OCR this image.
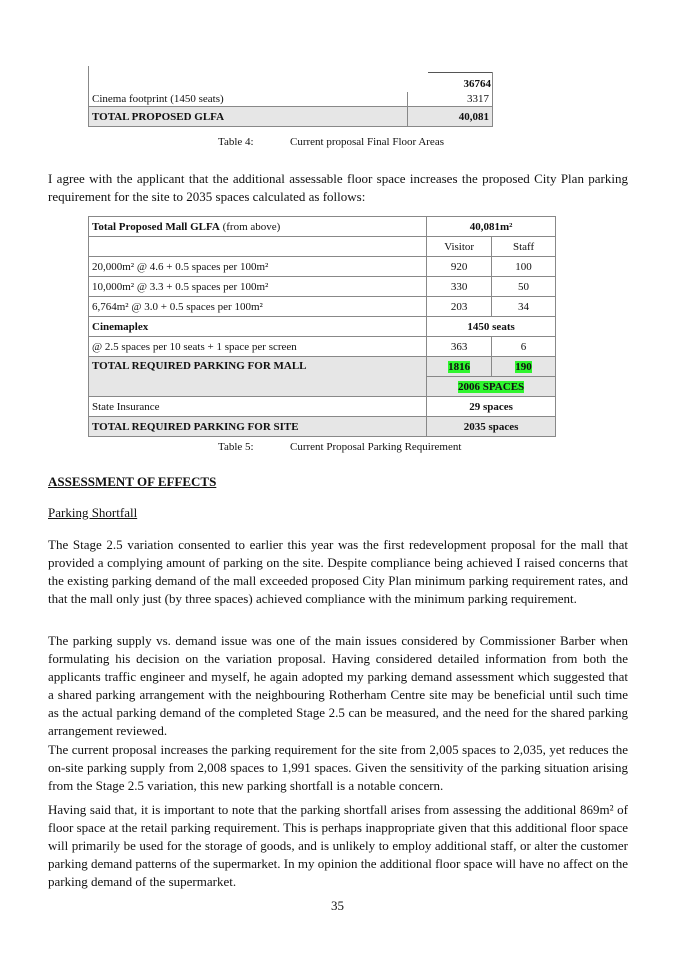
36764
Cinema footprint (1450 seats)	3317
TOTAL PROPOSED GLFA	40,081
Table 4:	Current proposal Final Floor Areas

I agree with the applicant that the additional assessable floor space increases the proposed City Plan parking requirement for the site to 2035 spaces calculated as follows:

Total Proposed Mall GLFA (from above)	40,081m²	
	Visitor	Staff
20,000m² @ 4.6 + 0.5 spaces per 100m²	920	100
10,000m² @ 3.3 + 0.5 spaces per 100m²	330	50
6,764m² @ 3.0 + 0.5 spaces per 100m²	203	34
Cinemaplex	1450 seats	
@ 2.5 spaces per 10 seats + 1 space per screen	363	6
TOTAL REQUIRED PARKING FOR MALL	1816	190
	2006 SPACES	
State Insurance	29 spaces	
TOTAL REQUIRED PARKING FOR SITE	2035 spaces	
Table 5:	Current Proposal Parking Requirement
ASSESSMENT OF EFFECTS
Parking Shortfall

The Stage 2.5 variation consented to earlier this year was the first redevelopment proposal for the mall that provided a complying amount of parking on the site. Despite compliance being achieved I raised concerns that the existing parking demand of the mall exceeded proposed City Plan minimum parking requirement rates, and that the mall only just (by three spaces) achieved compliance with the minimum parking requirement.

The parking supply vs. demand issue was one of the main issues considered by Commissioner Barber when formulating his decision on the variation proposal. Having considered detailed information from both the applicants traffic engineer and myself, he again adopted my parking demand assessment which suggested that a shared parking arrangement with the neighbouring Rotherham Centre site may be beneficial until such time as the actual parking demand of the completed Stage 2.5 can be measured, and the need for the shared parking arrangement reviewed.

The current proposal increases the parking requirement for the site from 2,005 spaces to 2,035, yet reduces the on-site parking supply from 2,008 spaces to 1,991 spaces. Given the sensitivity of the parking situation arising from the Stage 2.5 variation, this new parking shortfall is a notable concern.

Having said that, it is important to note that the parking shortfall arises from assessing the additional 869m² of floor space at the retail parking requirement. This is perhaps inappropriate given that this additional floor space will primarily be used for the storage of goods, and is unlikely to employ additional staff, or alter the customer parking demand patterns of the supermarket. In my opinion the additional floor space will have no affect on the parking demand of the supermarket.

35
